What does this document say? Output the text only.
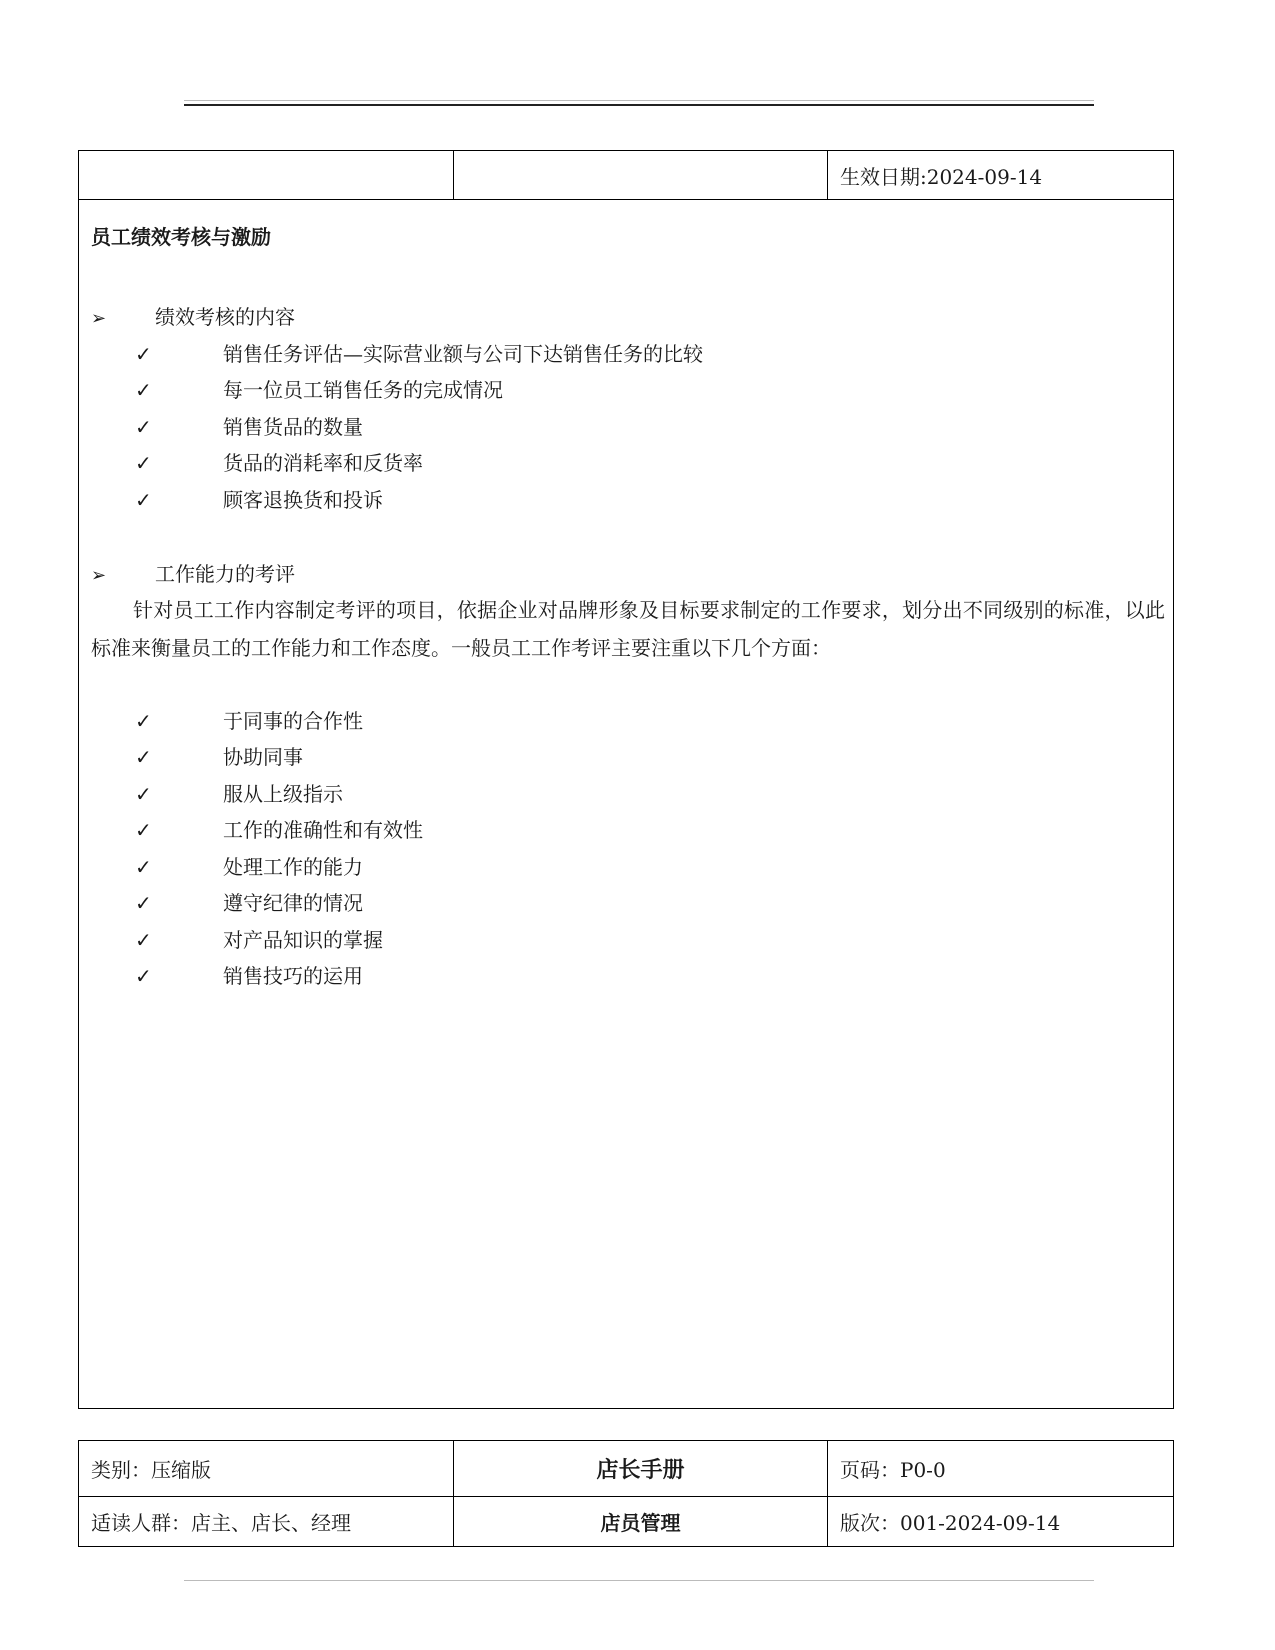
生效日期:2024-09-14
员工绩效考核与激励
➢ 绩效考核的内容
✓	销售任务评估—实际营业额与公司下达销售任务的比较
✓	每一位员工销售任务的完成情况
✓	销售货品的数量
✓	货品的消耗率和反货率
✓	顾客退换货和投诉
➢ 工作能力的考评
针对员工工作内容制定考评的项目，依据企业对品牌形象及目标要求制定的工作要求，划分出不同级别的标准，以此标准来衡量员工的工作能力和工作态度。一般员工工作考评主要注重以下几个方面：
✓	于同事的合作性
✓	协助同事
✓	服从上级指示
✓	工作的准确性和有效性
✓	处理工作的能力
✓	遵守纪律的情况
✓	对产品知识的掌握
✓	销售技巧的运用
类别：压缩版	店长手册	页码：P0-0
适读人群：店主、店长、经理	店员管理	版次：001-2024-09-14
